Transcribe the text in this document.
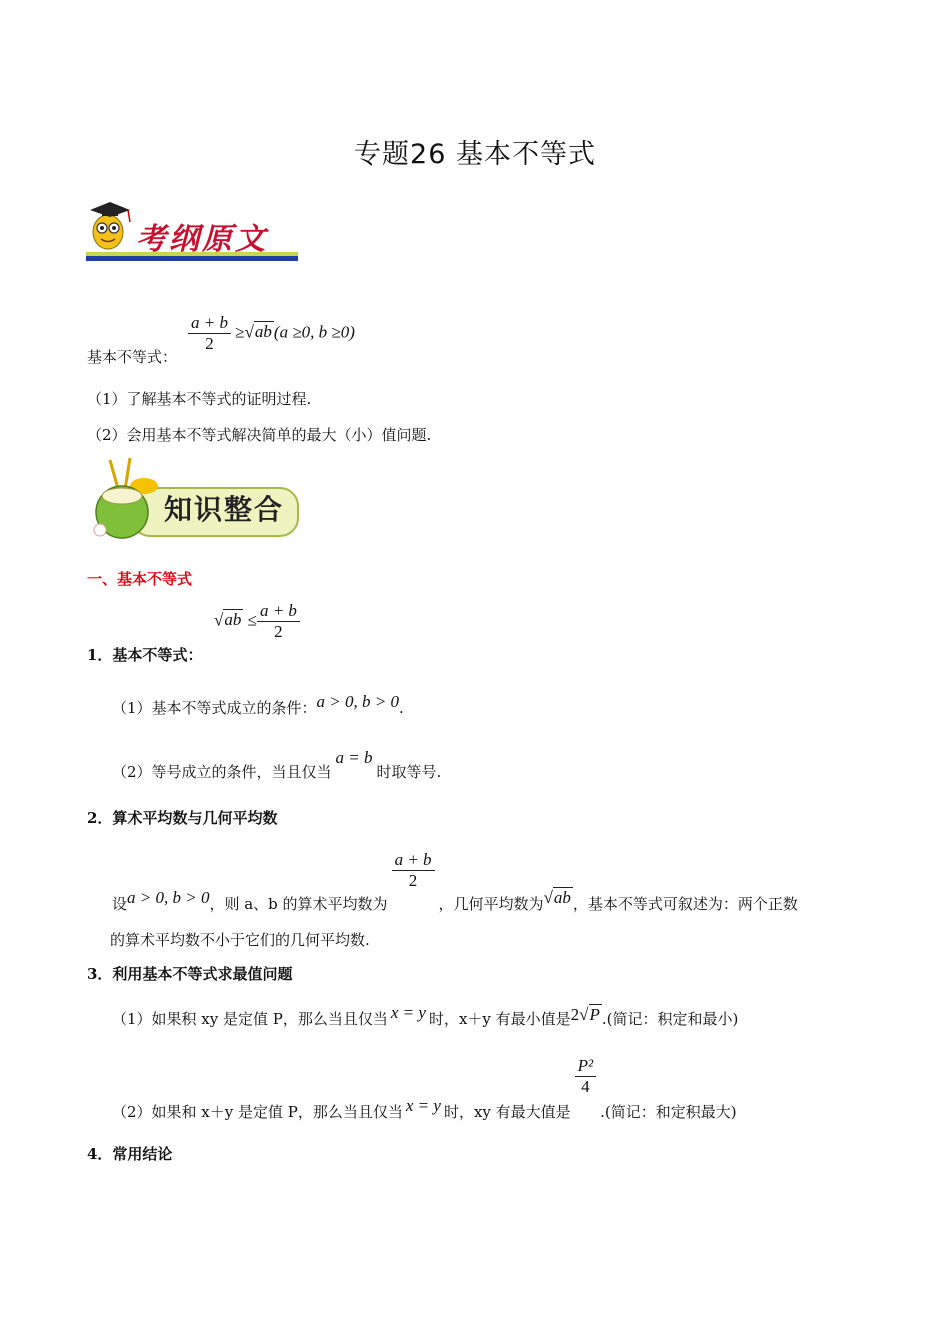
专题26 基本不等式
考纲原文
基本不等式：
$\frac{a + b}{2} \ge√ab$ (a ≥0, b ≥0)
（1）了解基本不等式的证明过程.
（2）会用基本不等式解决简单的最大（小）值问题.
知识整合
一、基本不等式
$√ab \le \frac{a + b}{2}$
1．基本不等式：
（1）基本不等式成立的条件：a > 0, b > 0.
（2）等号成立的条件，当且仅当a = b时取等号.
2．算术平均数与几何平均数
设a > 0, b > 0，则 a、b 的算术平均数为
$\frac{a + b}{2}$
，几何平均数为√ab ，基本不等式可叙述为：两个正数
的算术平均数不小于它们的几何平均数.
3．利用基本不等式求最值问题
（1）如果积 xy 是定值 P，那么当且仅当 x = y 时，x＋y 有最小值是2√P .(简记：积定和最小)
（2）如果和 x＋y 是定值 P，那么当且仅当 x = y 时，xy 有最大值是
$\frac{\text{P²}}{4}$
.(简记：和定积最大)
4．常用结论
